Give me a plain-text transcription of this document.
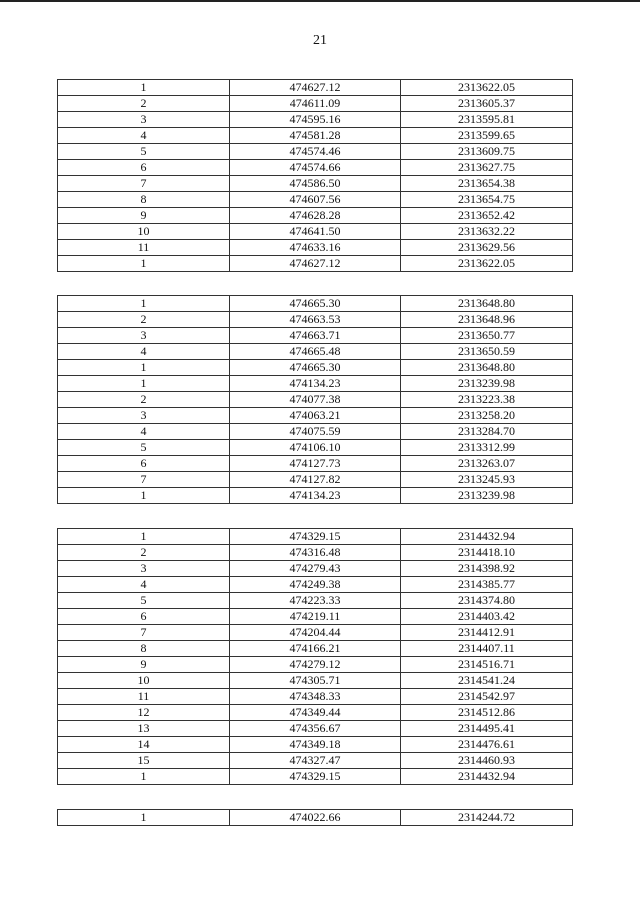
21
1	474627.12	2313622.05
2	474611.09	2313605.37
3	474595.16	2313595.81
4	474581.28	2313599.65
5	474574.46	2313609.75
6	474574.66	2313627.75
7	474586.50	2313654.38
8	474607.56	2313654.75
9	474628.28	2313652.42
10	474641.50	2313632.22
11	474633.16	2313629.56
1	474627.12	2313622.05
1	474665.30	2313648.80
2	474663.53	2313648.96
3	474663.71	2313650.77
4	474665.48	2313650.59
1	474665.30	2313648.80
1	474134.23	2313239.98
2	474077.38	2313223.38
3	474063.21	2313258.20
4	474075.59	2313284.70
5	474106.10	2313312.99
6	474127.73	2313263.07
7	474127.82	2313245.93
1	474134.23	2313239.98
1	474329.15	2314432.94
2	474316.48	2314418.10
3	474279.43	2314398.92
4	474249.38	2314385.77
5	474223.33	2314374.80
6	474219.11	2314403.42
7	474204.44	2314412.91
8	474166.21	2314407.11
9	474279.12	2314516.71
10	474305.71	2314541.24
11	474348.33	2314542.97
12	474349.44	2314512.86
13	474356.67	2314495.41
14	474349.18	2314476.61
15	474327.47	2314460.93
1	474329.15	2314432.94
1	474022.66	2314244.72
